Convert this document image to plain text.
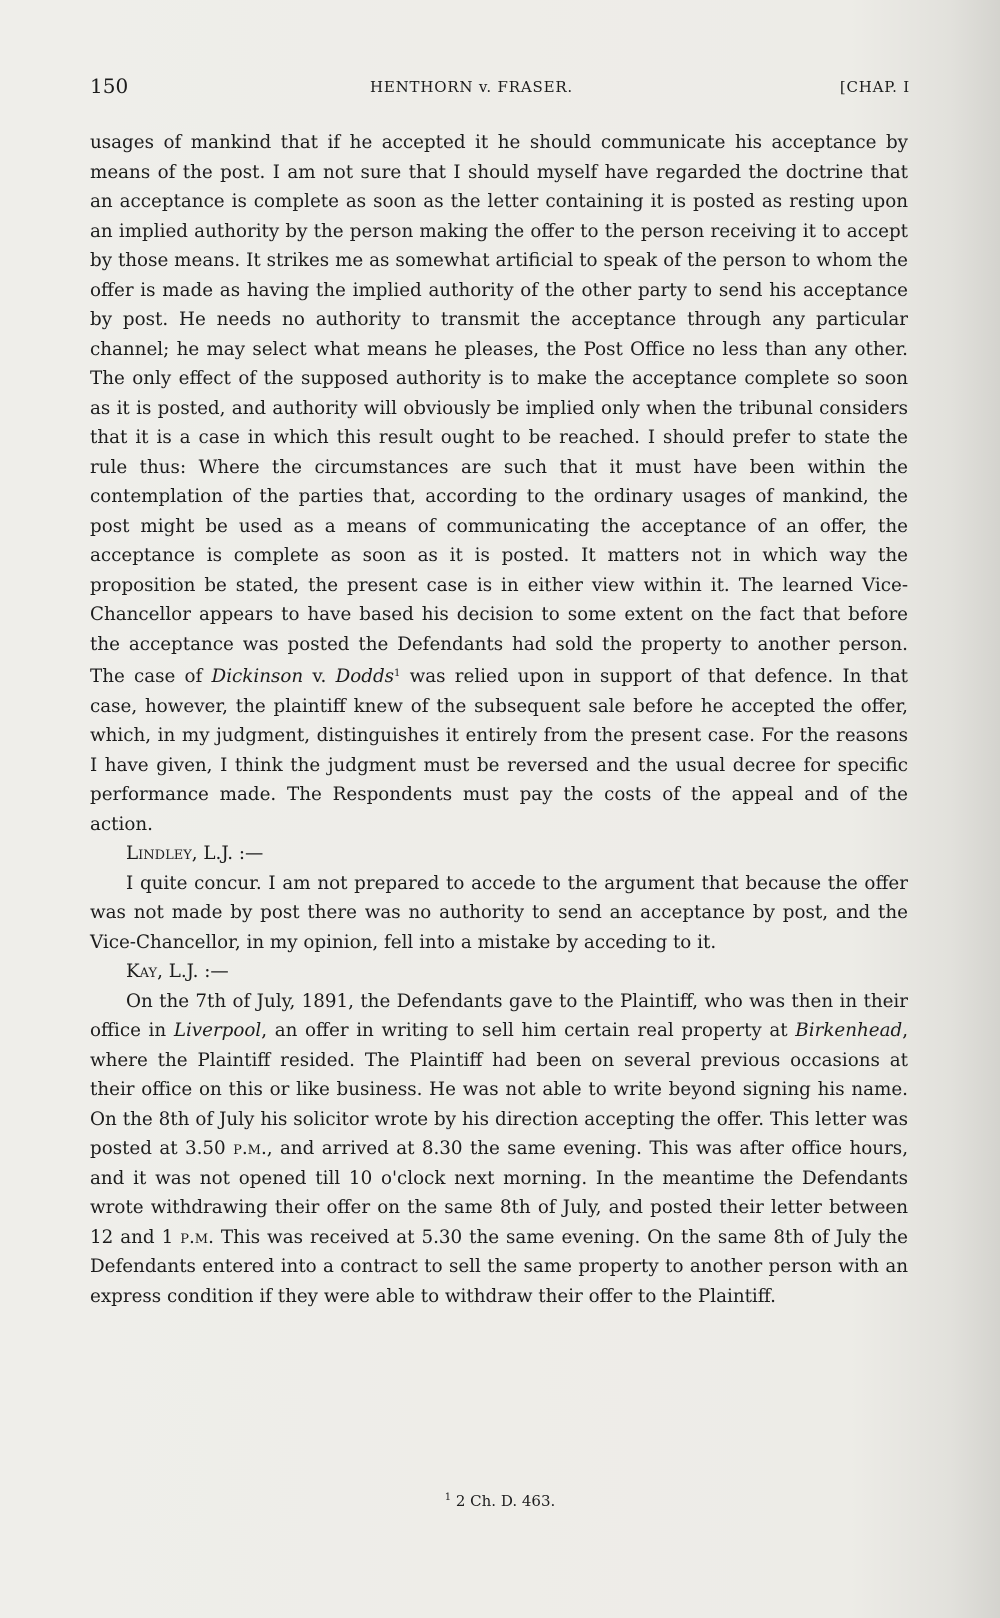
150	HENTHORN v. FRASER.	[CHAP. I

usages of mankind that if he accepted it he should communicate his acceptance by means of the post. I am not sure that I should myself have regarded the doctrine that an acceptance is complete as soon as the letter containing it is posted as resting upon an implied authority by the person making the offer to the person receiving it to accept by those means. It strikes me as somewhat artificial to speak of the person to whom the offer is made as having the implied authority of the other party to send his acceptance by post. He needs no authority to transmit the acceptance through any particular channel; he may select what means he pleases, the Post Office no less than any other. The only effect of the supposed authority is to make the acceptance complete so soon as it is posted, and authority will obviously be implied only when the tribunal considers that it is a case in which this result ought to be reached. I should prefer to state the rule thus: Where the circumstances are such that it must have been within the contemplation of the parties that, according to the ordinary usages of mankind, the post might be used as a means of communicating the acceptance of an offer, the acceptance is complete as soon as it is posted. It matters not in which way the proposition be stated, the present case is in either view within it. The learned Vice-Chancellor appears to have based his decision to some extent on the fact that before the acceptance was posted the Defendants had sold the property to another person. The case of Dickinson v. Dodds$^1$ was relied upon in support of that defence. In that case, however, the plaintiff knew of the subsequent sale before he accepted the offer, which, in my judgment, distinguishes it entirely from the present case. For the reasons I have given, I think the judgment must be reversed and the usual decree for specific performance made. The Respondents must pay the costs of the appeal and of the action.

Lindley, L.J. :—

I quite concur. I am not prepared to accede to the argument that because the offer was not made by post there was no authority to send an acceptance by post, and the Vice-Chancellor, in my opinion, fell into a mistake by acceding to it.

Kay, L.J. :—

On the 7th of July, 1891, the Defendants gave to the Plaintiff, who was then in their office in Liverpool, an offer in writing to sell him certain real property at Birkenhead, where the Plaintiff resided. The Plaintiff had been on several previous occasions at their office on this or like business. He was not able to write beyond signing his name. On the 8th of July his solicitor wrote by his direction accepting the offer. This letter was posted at 3.50 p.m., and arrived at 8.30 the same evening. This was after office hours, and it was not opened till 10 o'clock next morning. In the meantime the Defendants wrote withdrawing their offer on the same 8th of July, and posted their letter between 12 and 1 p.m. This was received at 5.30 the same evening. On the same 8th of July the Defendants entered into a contract to sell the same property to another person with an express condition if they were able to withdraw their offer to the Plaintiff.

$^1$ 2 Ch. D. 463.
